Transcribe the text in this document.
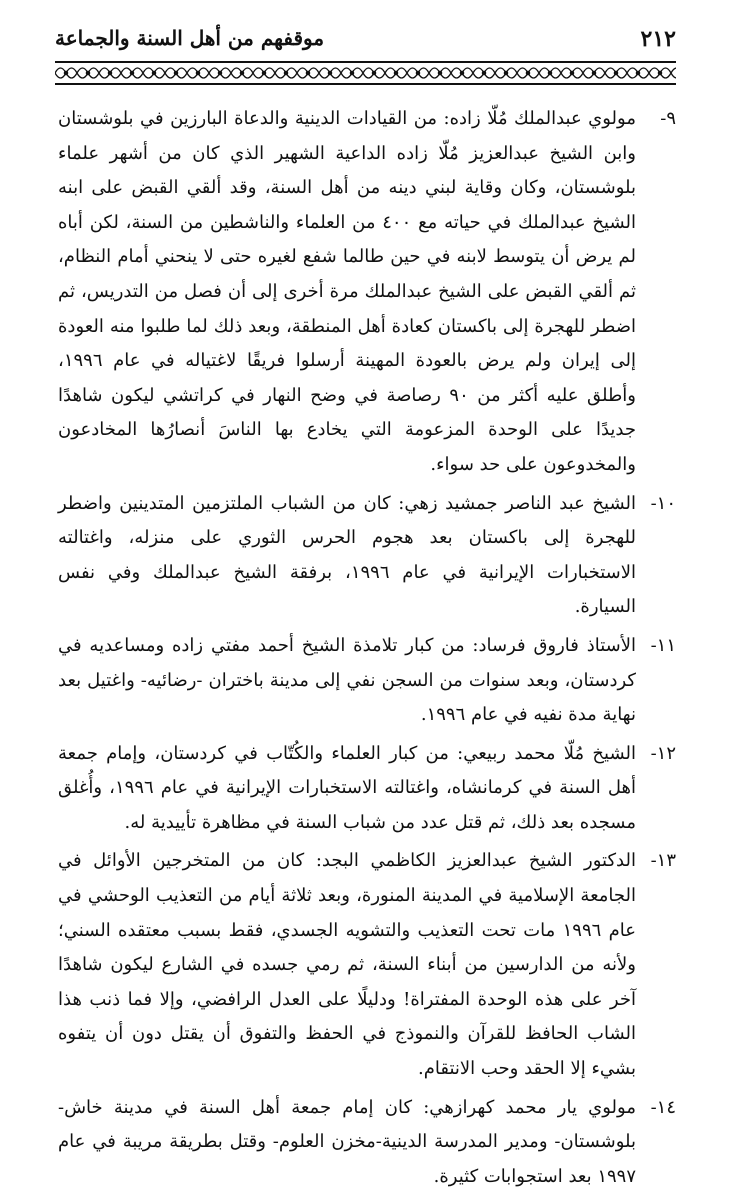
٢١٢
موقفهم من أهل السنة والجماعة

٩-
مولوي عبدالملك مُلّا زاده: من القيادات الدينية والدعاة البارزين في بلوشستان وابن الشيخ عبدالعزيز مُلّا زاده الداعية الشهير الذي كان من أشهر علماء بلوشستان، وكان وقاية لبني دينه من أهل السنة، وقد ألقي القبض على ابنه الشيخ عبدالملك في حياته مع ٤٠٠ من العلماء والناشطين من السنة، لكن أباه لم يرض أن يتوسط لابنه في حين طالما شفع لغيره حتى لا ينحني أمام النظام، ثم ألقي القبض على الشيخ عبدالملك مرة أخرى إلى أن فصل من التدريس، ثم اضطر للهجرة إلى باكستان كعادة أهل المنطقة، وبعد ذلك لما طلبوا منه العودة إلى إيران ولم يرض بالعودة المهينة أرسلوا فريقًا لاغتياله في عام ١٩٩٦، وأطلق عليه أكثر من ٩٠ رصاصة في وضح النهار في كراتشي ليكون شاهدًا جديدًا على الوحدة المزعومة التي يخادع بها الناسَ أنصارُها المخادعون والمخدوعون على حد سواء.

١٠-
الشيخ عبد الناصر جمشيد زهي: كان من الشباب الملتزمين المتدينين واضطر للهجرة إلى باكستان بعد هجوم الحرس الثوري على منزله، واغتالته الاستخبارات الإيرانية في عام ١٩٩٦، برفقة الشيخ عبدالملك وفي نفس السيارة.

١١-
الأستاذ فاروق فرساد: من كبار تلامذة الشيخ أحمد مفتي زاده ومساعديه في كردستان، وبعد سنوات من السجن نفي إلى مدينة باختران -رضائيه- واغتيل بعد نهاية مدة نفيه في عام ١٩٩٦.

١٢-
الشيخ مُلّا محمد ربيعي: من كبار العلماء والكُتّاب في كردستان، وإمام جمعة أهل السنة في كرمانشاه، واغتالته الاستخبارات الإيرانية في عام ١٩٩٦، وأُغلق مسجده بعد ذلك، ثم قتل عدد من شباب السنة في مظاهرة تأييدية له.

١٣-
الدكتور الشيخ عبدالعزيز الكاظمي البجد: كان من المتخرجين الأوائل في الجامعة الإسلامية في المدينة المنورة، وبعد ثلاثة أيام من التعذيب الوحشي في عام ١٩٩٦ مات تحت التعذيب والتشويه الجسدي، فقط بسبب معتقده السني؛ ولأنه من الدارسين من أبناء السنة، ثم رمي جسده في الشارع ليكون شاهدًا آخر على هذه الوحدة المفتراة! ودليلًا على العدل الرافضي، وإلا فما ذنب هذا الشاب الحافظ للقرآن والنموذج في الحفظ والتفوق أن يقتل دون أن يتفوه بشيء إلا الحقد وحب الانتقام.

١٤-
مولوي يار محمد كهرازهي: كان إمام جمعة أهل السنة في مدينة خاش-بلوشستان- ومدير المدرسة الدينية-مخزن العلوم- وقتل بطريقة مريبة في عام ١٩٩٧ بعد استجوابات كثيرة.
